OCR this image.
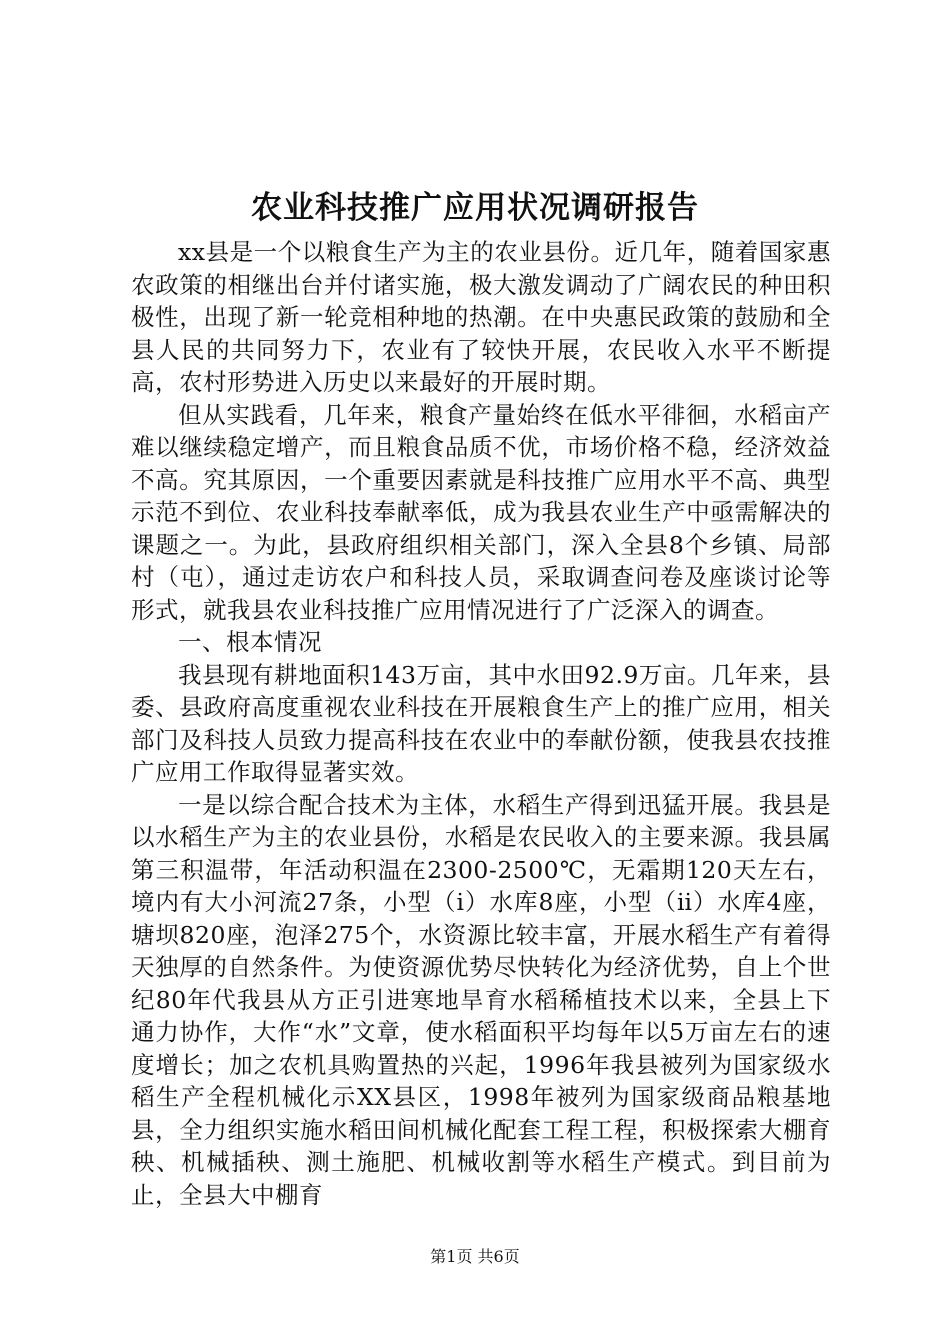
农业科技推广应用状况调研报告

xx县是一个以粮食生产为主的农业县份。近几年，随着国家惠农政策的相继出台并付诸实施，极大激发调动了广阔农民的种田积极性，出现了新一轮竞相种地的热潮。在中央惠民政策的鼓励和全县人民的共同努力下，农业有了较快开展，农民收入水平不断提高，农村形势进入历史以来最好的开展时期。

但从实践看，几年来，粮食产量始终在低水平徘徊，水稻亩产难以继续稳定增产，而且粮食品质不优，市场价格不稳，经济效益不高。究其原因，一个重要因素就是科技推广应用水平不高、典型示范不到位、农业科技奉献率低，成为我县农业生产中亟需解决的课题之一。为此，县政府组织相关部门，深入全县8个乡镇、局部村（屯），通过走访农户和科技人员，采取调查问卷及座谈讨论等形式，就我县农业科技推广应用情况进行了广泛深入的调查。

一、根本情况

我县现有耕地面积143万亩，其中水田92.9万亩。几年来，县委、县政府高度重视农业科技在开展粮食生产上的推广应用，相关部门及科技人员致力提高科技在农业中的奉献份额，使我县农技推广应用工作取得显著实效。

一是以综合配合技术为主体，水稻生产得到迅猛开展。我县是以水稻生产为主的农业县份，水稻是农民收入的主要来源。我县属第三积温带，年活动积温在2300-2500℃，无霜期120天左右，境内有大小河流27条，小型（ⅰ）水库8座，小型（ⅱ）水库4座，塘坝820座，泡泽275个，水资源比较丰富，开展水稻生产有着得天独厚的自然条件。为使资源优势尽快转化为经济优势，自上个世纪80年代我县从方正引进寒地旱育水稻稀植技术以来，全县上下通力协作，大作“水”文章，使水稻面积平均每年以5万亩左右的速度增长；加之农机具购置热的兴起，1996年我县被列为国家级水稻生产全程机械化示XX县区，1998年被列为国家级商品粮基地县，全力组织实施水稻田间机械化配套工程工程，积极探索大棚育秧、机械插秧、测土施肥、机械收割等水稻生产模式。到目前为止，全县大中棚育

第1页 共6页
